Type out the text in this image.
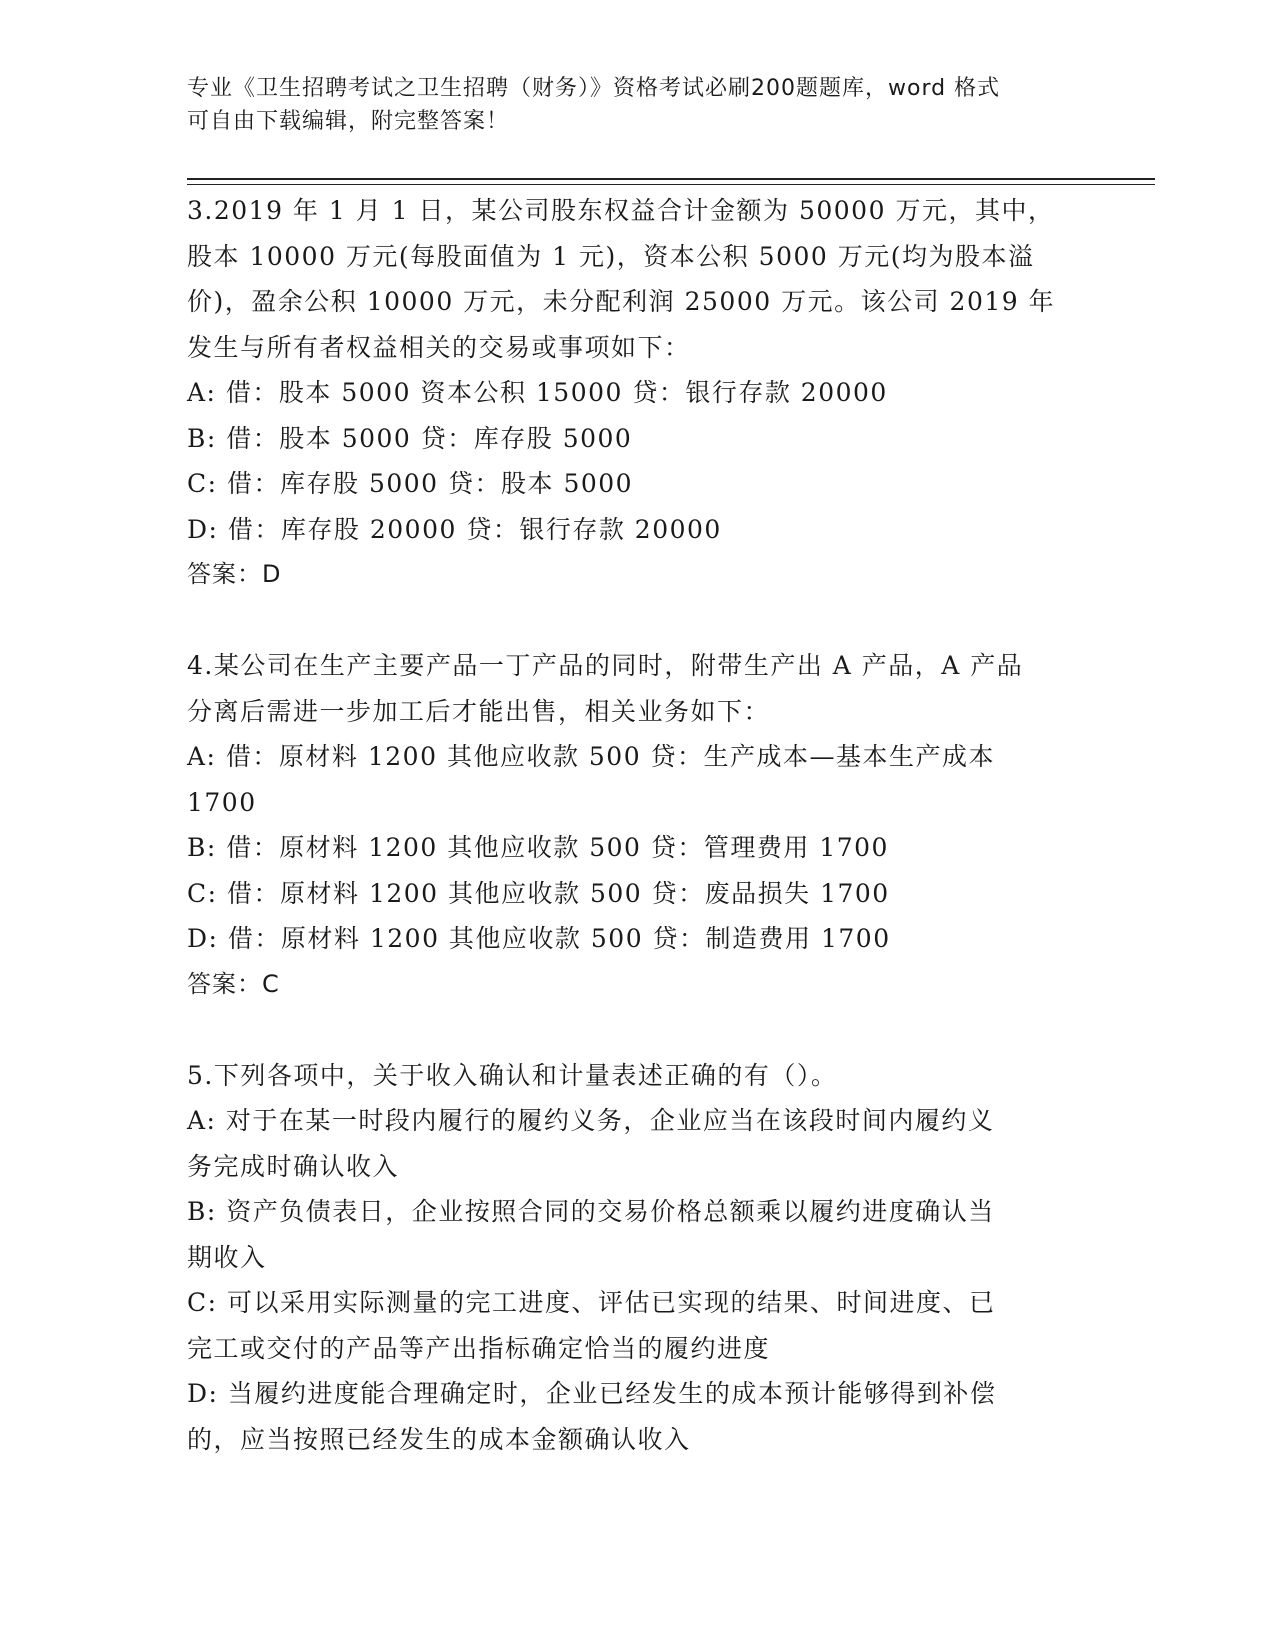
专业《卫生招聘考试之卫生招聘（财务）》资格考试必刷200题题库，word 格式
可自由下载编辑，附完整答案！
3.2019 年 1 月 1 日，某公司股东权益合计金额为 50000 万元，其中，
股本 10000 万元(每股面值为 1 元)，资本公积 5000 万元(均为股本溢
价)，盈余公积 10000 万元，未分配利润 25000 万元。该公司 2019 年
发生与所有者权益相关的交易或事项如下：
A: 借：股本 5000 资本公积 15000 贷：银行存款 20000
B: 借：股本 5000 贷：库存股 5000
C: 借：库存股 5000 贷：股本 5000
D: 借：库存股 20000 贷：银行存款 20000
答案：D
4.某公司在生产主要产品一丁产品的同时，附带生产出 A 产品，A 产品
分离后需进一步加工后才能出售，相关业务如下：
A: 借：原材料 1200 其他应收款 500 贷：生产成本—基本生产成本
1700
B: 借：原材料 1200 其他应收款 500 贷：管理费用 1700
C: 借：原材料 1200 其他应收款 500 贷：废品损失 1700
D: 借：原材料 1200 其他应收款 500 贷：制造费用 1700
答案：C
5.下列各项中，关于收入确认和计量表述正确的有（）。
A: 对于在某一时段内履行的履约义务，企业应当在该段时间内履约义
务完成时确认收入
B: 资产负债表日，企业按照合同的交易价格总额乘以履约进度确认当
期收入
C: 可以采用实际测量的完工进度、评估已实现的结果、时间进度、已
完工或交付的产品等产出指标确定恰当的履约进度
D: 当履约进度能合理确定时，企业已经发生的成本预计能够得到补偿
的，应当按照已经发生的成本金额确认收入
